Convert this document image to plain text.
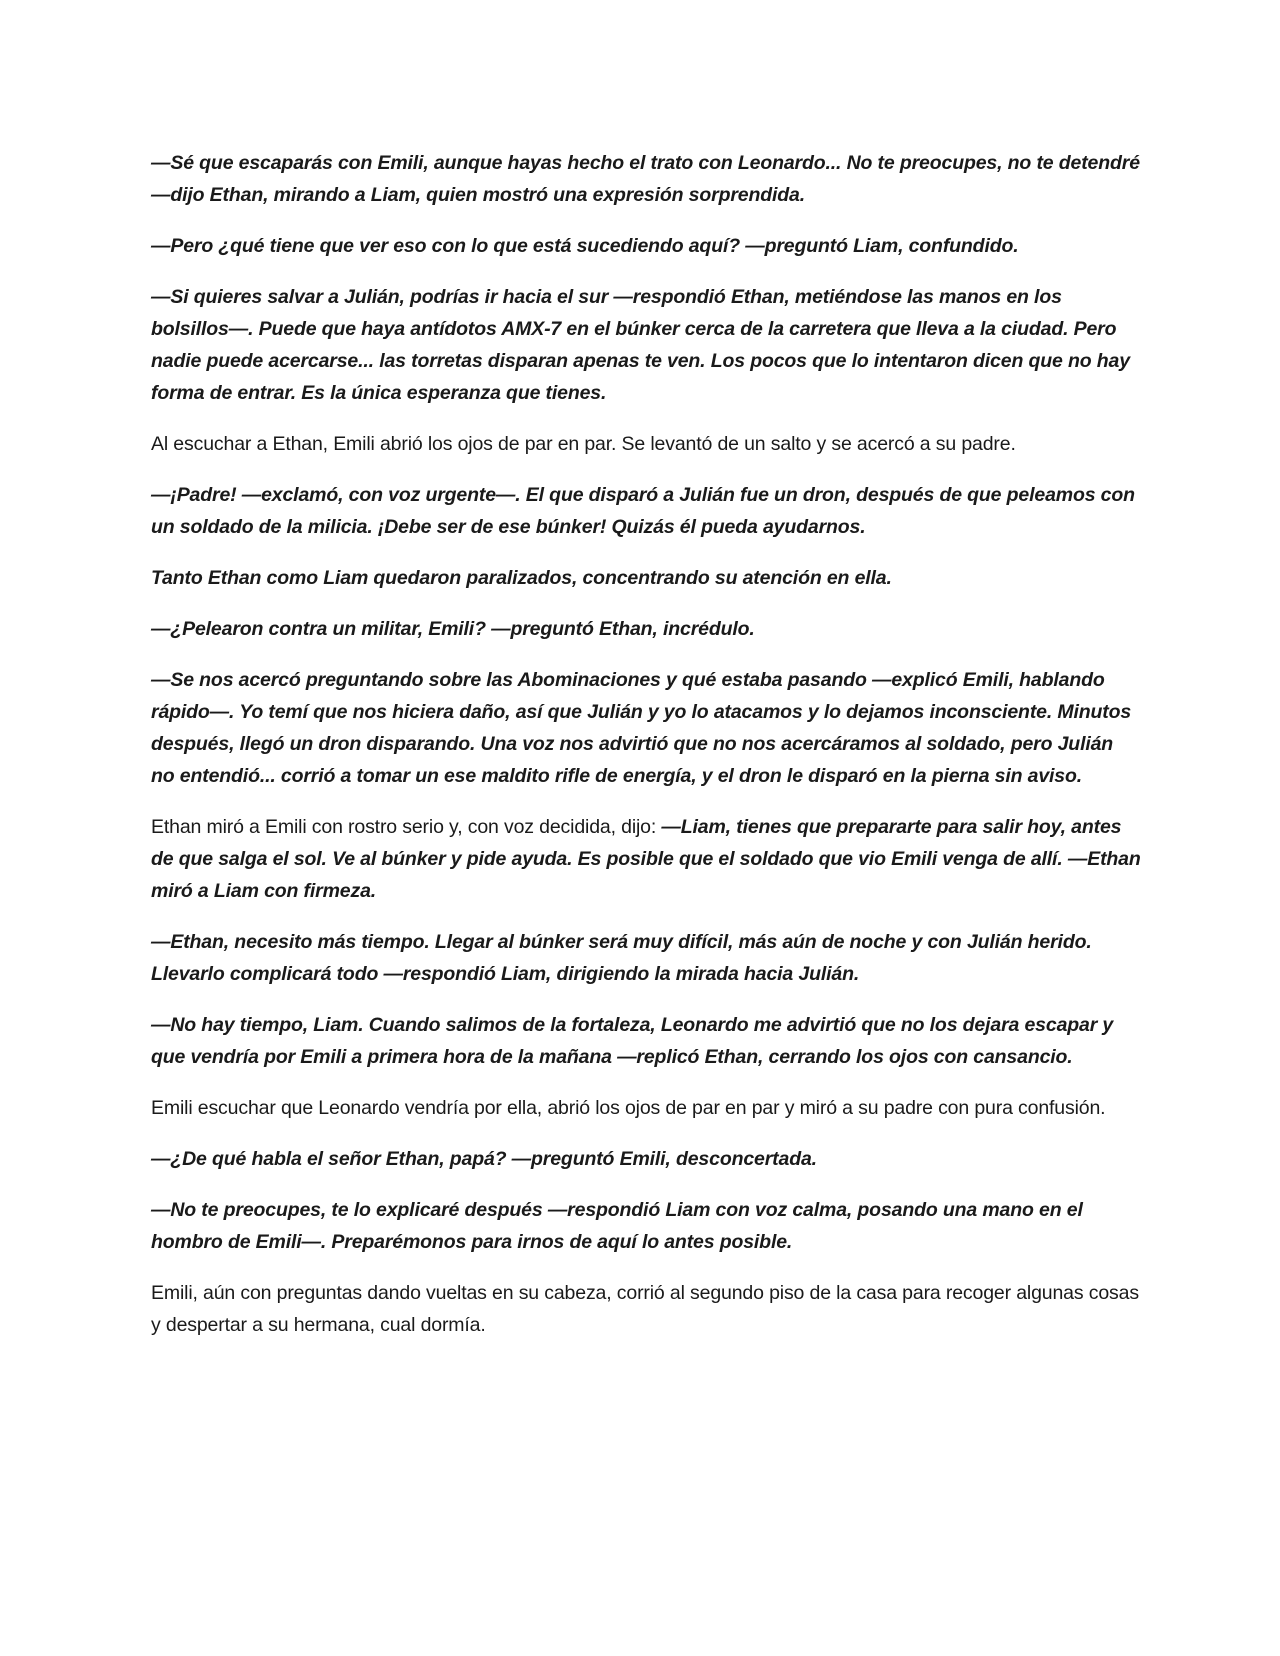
—Sé que escaparás con Emili, aunque hayas hecho el trato con Leonardo... No te preocupes, no te detendré —dijo Ethan, mirando a Liam, quien mostró una expresión sorprendida.

—Pero ¿qué tiene que ver eso con lo que está sucediendo aquí? —preguntó Liam, confundido.

—Si quieres salvar a Julián, podrías ir hacia el sur —respondió Ethan, metiéndose las manos en los bolsillos—. Puede que haya antídotos AMX-7 en el búnker cerca de la carretera que lleva a la ciudad. Pero nadie puede acercarse... las torretas disparan apenas te ven. Los pocos que lo intentaron dicen que no hay forma de entrar. Es la única esperanza que tienes.

Al escuchar a Ethan, Emili abrió los ojos de par en par. Se levantó de un salto y se acercó a su padre.

—¡Padre! —exclamó, con voz urgente—. El que disparó a Julián fue un dron, después de que peleamos con un soldado de la milicia. ¡Debe ser de ese búnker! Quizás él pueda ayudarnos.

Tanto Ethan como Liam quedaron paralizados, concentrando su atención en ella.

—¿Pelearon contra un militar, Emili? —preguntó Ethan, incrédulo.

—Se nos acercó preguntando sobre las Abominaciones y qué estaba pasando —explicó Emili, hablando rápido—. Yo temí que nos hiciera daño, así que Julián y yo lo atacamos y lo dejamos inconsciente. Minutos después, llegó un dron disparando. Una voz nos advirtió que no nos acercáramos al soldado, pero Julián no entendió... corrió a tomar un ese maldito rifle de energía, y el dron le disparó en la pierna sin aviso.

Ethan miró a Emili con rostro serio y, con voz decidida, dijo: —Liam, tienes que prepararte para salir hoy, antes de que salga el sol. Ve al búnker y pide ayuda. Es posible que el soldado que vio Emili venga de allí. —Ethan miró a Liam con firmeza.

—Ethan, necesito más tiempo. Llegar al búnker será muy difícil, más aún de noche y con Julián herido. Llevarlo complicará todo —respondió Liam, dirigiendo la mirada hacia Julián.

—No hay tiempo, Liam. Cuando salimos de la fortaleza, Leonardo me advirtió que no los dejara escapar y que vendría por Emili a primera hora de la mañana —replicó Ethan, cerrando los ojos con cansancio.

Emili escuchar que Leonardo vendría por ella, abrió los ojos de par en par y miró a su padre con pura confusión.

—¿De qué habla el señor Ethan, papá? —preguntó Emili, desconcertada.

—No te preocupes, te lo explicaré después —respondió Liam con voz calma, posando una mano en el hombro de Emili—. Preparémonos para irnos de aquí lo antes posible.

Emili, aún con preguntas dando vueltas en su cabeza, corrió al segundo piso de la casa para recoger algunas cosas y despertar a su hermana, cual dormía.
